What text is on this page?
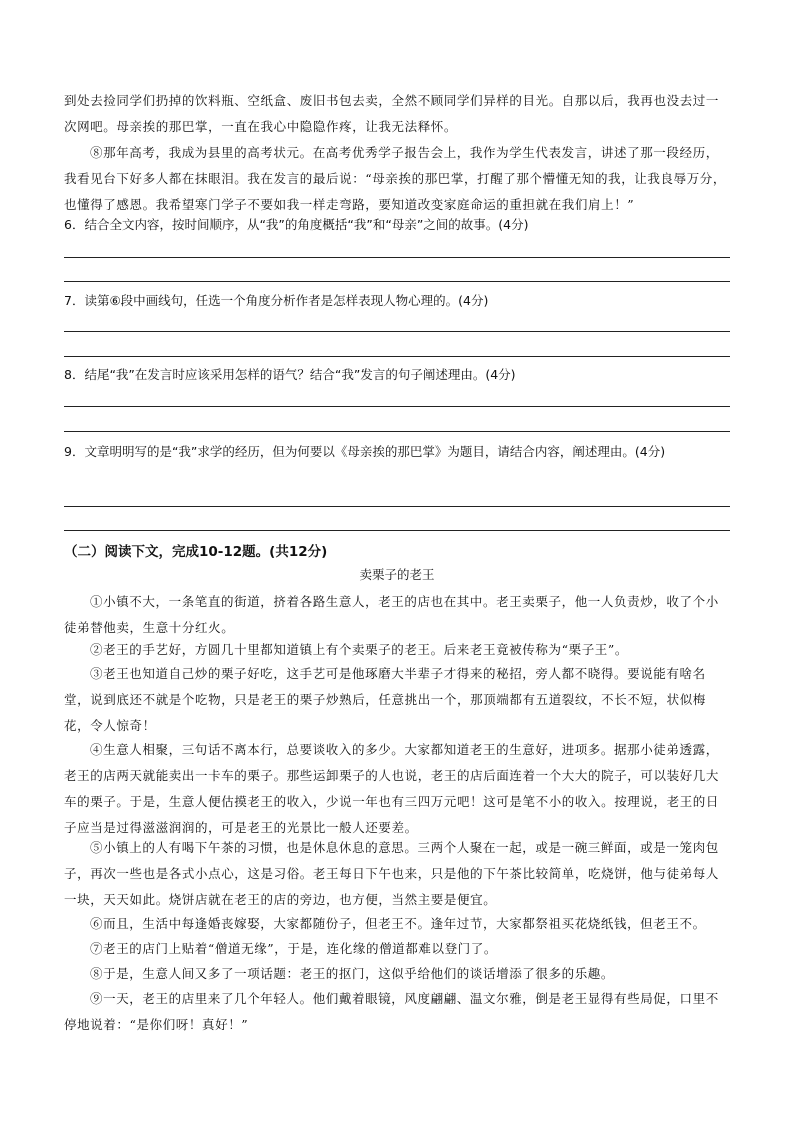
到处去捡同学们扔掉的饮料瓶、空纸盒、废旧书包去卖，全然不顾同学们异样的目光。自那以后，我再也没去过一次网吧。母亲挨的那巴掌，一直在我心中隐隐作疼，让我无法释怀。

⑧那年高考，我成为县里的高考状元。在高考优秀学子报告会上，我作为学生代表发言，讲述了那一段经历，我看见台下好多人都在抹眼泪。我在发言的最后说：“母亲挨的那巴掌，打醒了那个懵懂无知的我，让我良辱万分，也懂得了感恩。我希望寒门学子不要如我一样走弯路，要知道改变家庭命运的重担就在我们肩上！”

6．结合全文内容，按时间顺序，从“我”的角度概括“我”和“母亲”之间的故事。(4分)

7．读第⑥段中画线句，任选一个角度分析作者是怎样表现人物心理的。(4分)

8．结尾“我”在发言时应该采用怎样的语气？结合“我”发言的句子阐述理由。(4分)

9．文章明明写的是“我”求学的经历，但为何要以《母亲挨的那巴掌》为题目，请结合内容，阐述理由。(4分)

（二）阅读下文，完成10-12题。(共12分)
卖栗子的老王

①小镇不大，一条笔直的街道，挤着各路生意人，老王的店也在其中。老王卖栗子，他一人负责炒，收了个小徒弟替他卖，生意十分红火。

②老王的手艺好，方圆几十里都知道镇上有个卖栗子的老王。后来老王竟被传称为“栗子王”。

③老王也知道自己炒的栗子好吃，这手艺可是他琢磨大半辈子才得来的秘招，旁人都不晓得。要说能有啥名堂，说到底还不就是个吃物，只是老王的栗子炒熟后，任意挑出一个，那顶端都有五道裂纹，不长不短，状似梅花，令人惊奇！

④生意人相聚，三句话不离本行，总要谈收入的多少。大家都知道老王的生意好，进项多。据那小徒弟透露，老王的店两天就能卖出一卡车的栗子。那些运卸栗子的人也说，老王的店后面连着一个大大的院子，可以装好几大车的栗子。于是，生意人便估摸老王的收入，少说一年也有三四万元吧！这可是笔不小的收入。按理说，老王的日子应当是过得滋滋润润的，可是老王的光景比一般人还要差。

⑤小镇上的人有喝下午茶的习惯，也是休息休息的意思。三两个人聚在一起，或是一碗三鲜面，或是一笼肉包子，再次一些也是各式小点心，这是习俗。老王每日下午也来，只是他的下午茶比较简单，吃烧饼，他与徒弟每人一块，天天如此。烧饼店就在老王的店的旁边，也方便，当然主要是便宜。

⑥而且，生活中每逢婚丧嫁娶，大家都随份子，但老王不。逢年过节，大家都祭祖买花烧纸钱，但老王不。

⑦老王的店门上贴着“僧道无缘”，于是，连化缘的僧道都难以登门了。

⑧于是，生意人间又多了一项话题：老王的抠门，这似乎给他们的谈话增添了很多的乐趣。

⑨一天，老王的店里来了几个年轻人。他们戴着眼镜，风度翩翩、温文尔雅，倒是老王显得有些局促，口里不停地说着：“是你们呀！真好！”
